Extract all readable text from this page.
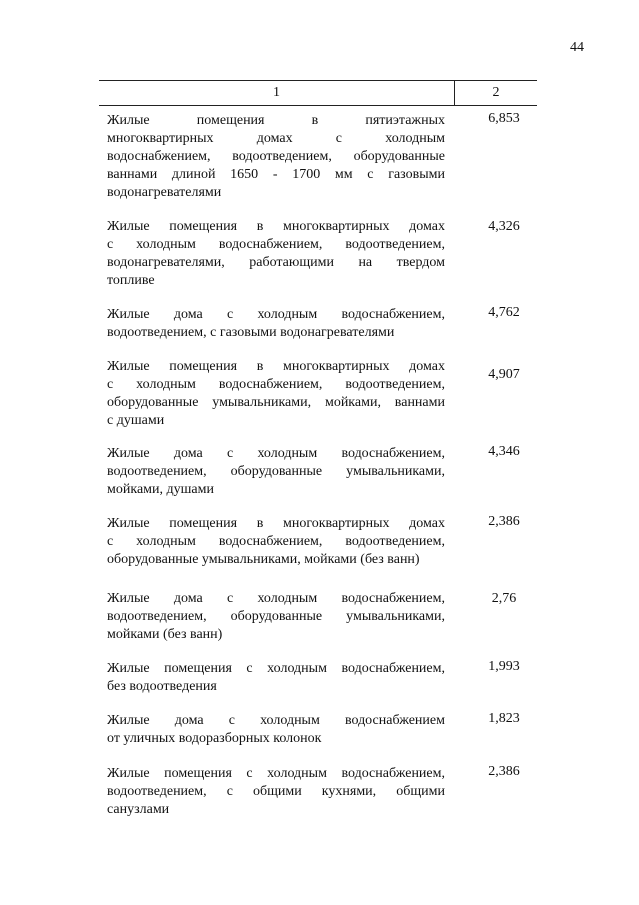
44
1	2
Жилые помещения в пятиэтажных
многоквартирных домах с холодным
водоснабжением, водоотведением, оборудованные
ваннами длиной 1650 - 1700 мм с газовыми
водонагревателями
6,853
Жилые помещения в многоквартирных домах
с холодным водоснабжением, водоотведением,
водонагревателями, работающими на твердом
топливе
4,326
Жилые дома с холодным водоснабжением,
водоотведением, с газовыми водонагревателями
4,762
Жилые помещения в многоквартирных домах
с холодным водоснабжением, водоотведением,
оборудованные умывальниками, мойками, ваннами
с душами
4,907
Жилые дома с холодным водоснабжением,
водоотведением, оборудованные умывальниками,
мойками, душами
4,346
Жилые помещения в многоквартирных домах
с холодным водоснабжением, водоотведением,
оборудованные умывальниками, мойками (без ванн)
2,386
Жилые дома с холодным водоснабжением,
водоотведением, оборудованные умывальниками,
мойками (без ванн)
2,76
Жилые помещения с холодным водоснабжением,
без водоотведения
1,993
Жилые дома с холодным водоснабжением
от уличных водоразборных колонок
1,823
Жилые помещения с холодным водоснабжением,
водоотведением, с общими кухнями, общими
санузлами
2,386
